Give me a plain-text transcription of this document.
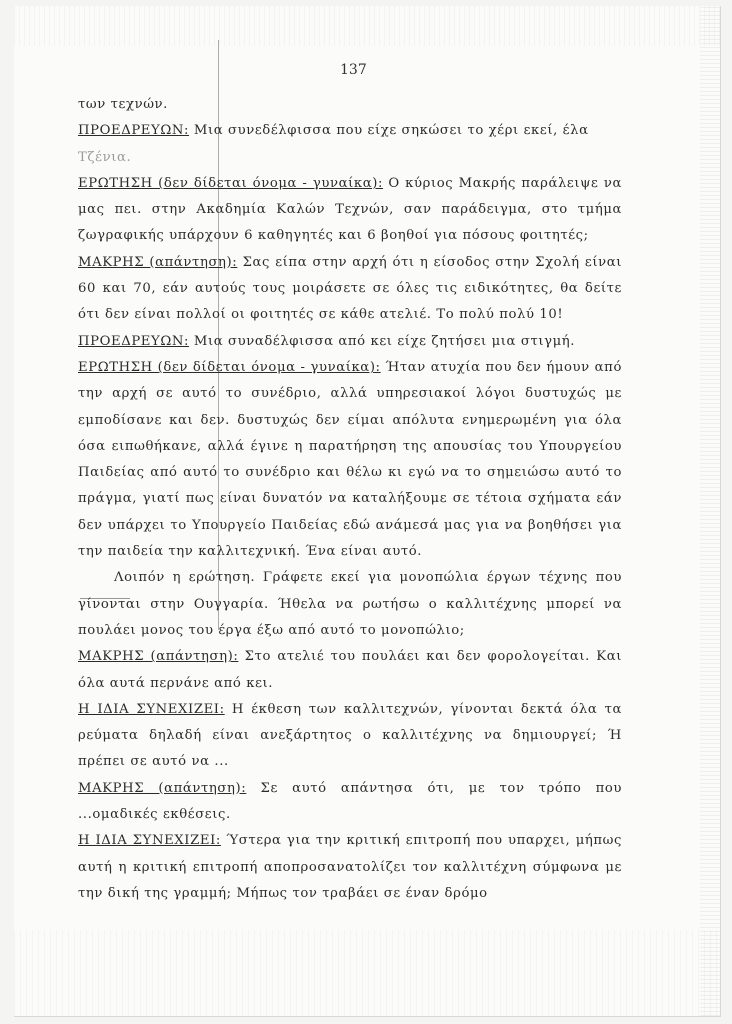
137

των τεχνών.

ΠΡΟΕΔΡΕΥΩΝ: Μια συνεδέλφισσα που είχε σηκώσει το χέρι εκεί, έλα

Τζένια.

ΕΡΩΤΗΣΗ (δεν δίδεται όνομα - γυναίκα): Ο κύριος Μακρής παράλειψε να μας πει. στην Ακαδημία Καλών Τεχνών, σαν παράδειγμα, στο τμήμα ζωγραφικής υπάρχουν 6 καθηγητές και 6 βοηθοί για πόσους φοιτητές;

ΜΑΚΡΗΣ (απάντηση): Σας είπα στην αρχή ότι η είσοδος στην Σχολή είναι 60 και 70, εάν αυτούς τους μοιράσετε σε όλες τις ειδικότητες, θα δείτε ότι δεν είναι πολλοί οι φοιτητές σε κάθε ατελιέ. Το πολύ πολύ 10!

ΠΡΟΕΔΡΕΥΩΝ: Μια συναδέλφισσα από κει είχε ζητήσει μια στιγμή.

ΕΡΩΤΗΣΗ (δεν δίδεται όνομα - γυναίκα): Ήταν ατυχία που δεν ήμουν από την αρχή σε αυτό το συνέδριο, αλλά υπηρεσιακοί λόγοι δυστυχώς με εμποδίσανε και δεν. δυστυχώς δεν είμαι απόλυτα ενημερωμένη για όλα όσα ειπωθήκανε, αλλά έγινε η παρατήρηση της απουσίας του Υπουργείου Παιδείας από αυτό το συνέδριο και θέλω κι εγώ να το σημειώσω αυτό το πράγμα, γιατί πως είναι δυνατόν να καταλήξουμε σε τέτοια σχήματα εάν δεν υπάρχει το Υπουργείο Παιδείας εδώ ανάμεσά μας για να βοηθήσει για την παιδεία την καλλιτεχνική. Ένα είναι αυτό.

Λοιπόν η ερώτηση. Γράφετε εκεί για μονοπώλια έργων τέχνης που γίνονται στην Ουγγαρία. Ήθελα να ρωτήσω ο καλλιτέχνης μπορεί να πουλάει μονος του έργα έξω από αυτό το μονοπώλιο;

ΜΑΚΡΗΣ (απάντηση): Στο ατελιέ του πουλάει και δεν φορολογείται. Και όλα αυτά περνάνε από κει.

Η ΙΔΙΑ ΣΥΝΕΧΙΖΕΙ: Η έκθεση των καλλιτεχνών, γίνονται δεκτά όλα τα ρεύματα δηλαδή είναι ανεξάρτητος ο καλλιτέχνης να δημιουργεί; Ή πρέπει σε αυτό να ...

ΜΑΚΡΗΣ (απάντηση): Σε αυτό απάντησα ότι, με τον τρόπο που ...ομαδικές εκθέσεις.

Η ΙΔΙΑ ΣΥΝΕΧΙΖΕΙ: Ύστερα για την κριτική επιτροπή που υπαρχει, μήπως αυτή η κριτική επιτροπή αποπροσανατολίζει τον καλλιτέχνη σύμφωνα με την δική της γραμμή; Μήπως τον τραβάει σε έναν δρόμο
